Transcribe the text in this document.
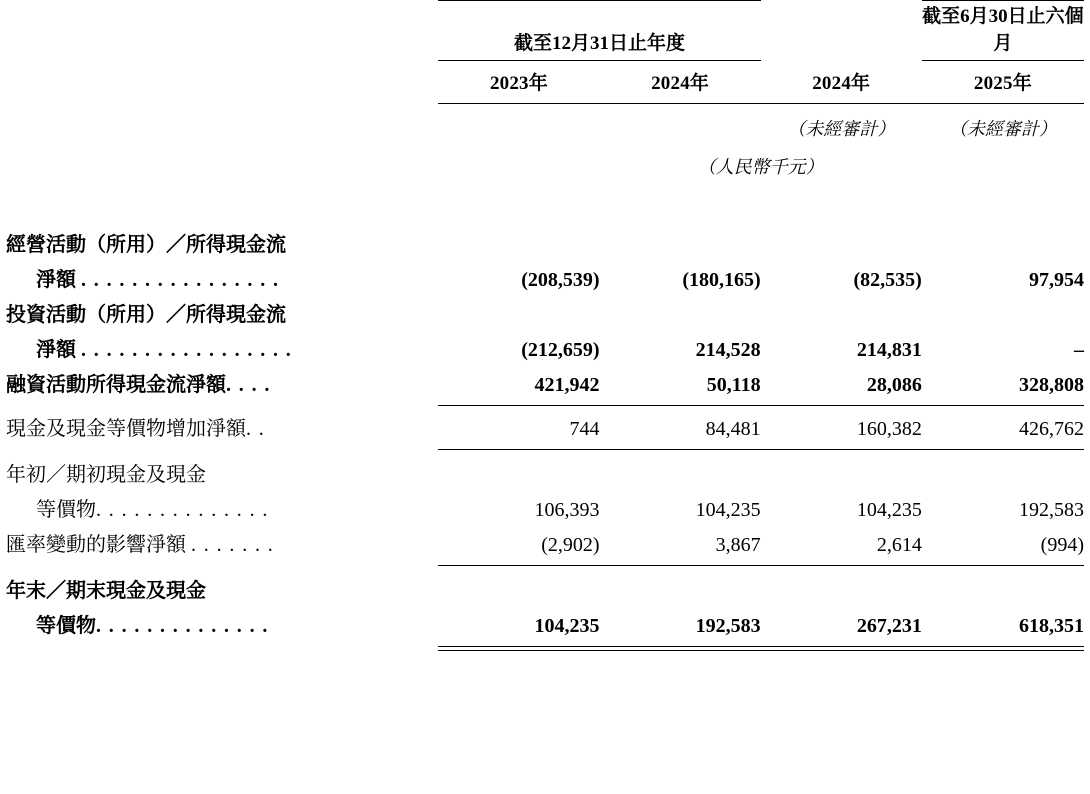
	截至12月31日止年度		截至6月30日止六個月
	2023年	2024年	2024年	2025年
			（未經審計）	（未經審計）
		（人民幣千元）		

經營活動（所用）／所得現金流				
淨額 . . . . . . . . . . . . . . . .	(208,539)	(180,165)	(82,535)	97,954
投資活動（所用）／所得現金流				
淨額 . . . . . . . . . . . . . . . . .	(212,659)	214,528	214,831	–
融資活動所得現金流淨額. . . .	421,942	50,118	28,086	328,808

現金及現金等價物增加淨額. .	744	84,481	160,382	426,762

年初／期初現金及現金				
等價物. . . . . . . . . . . . . .	106,393	104,235	104,235	192,583
匯率變動的影響淨額 . . . . . . .	(2,902)	3,867	2,614	(994)

年末／期末現金及現金				
等價物. . . . . . . . . . . . . .	104,235	192,583	267,231	618,351
